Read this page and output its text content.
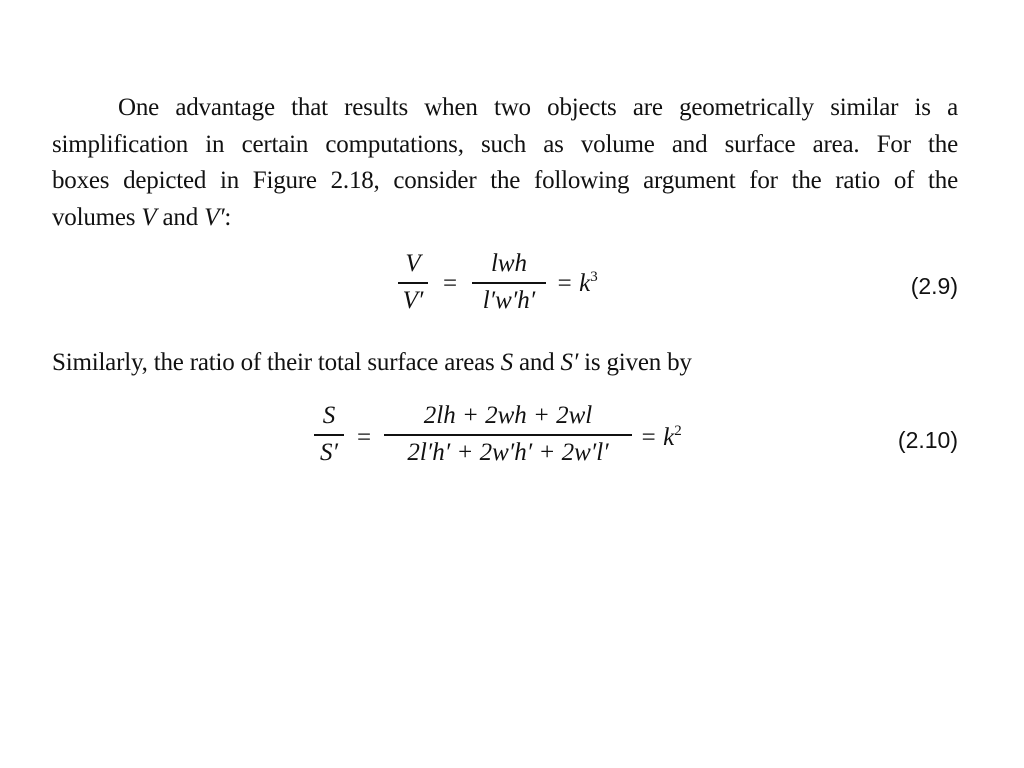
One advantage that results when two objects are geometrically similar is a
simplification in certain computations, such as volume and surface area. For the
boxes depicted in Figure 2.18, consider the following argument for the ratio of the
volumes V and V′:
V
V′
=
lwh
l′w′h′
= $k^3$	(2.9)
Similarly, the ratio of their total surface areas S and S′ is given by
S
S′
=
2lh + 2wh + 2wl
2l′h′ + 2w′h′ + 2w′l′
= $k^2$	(2.10)
